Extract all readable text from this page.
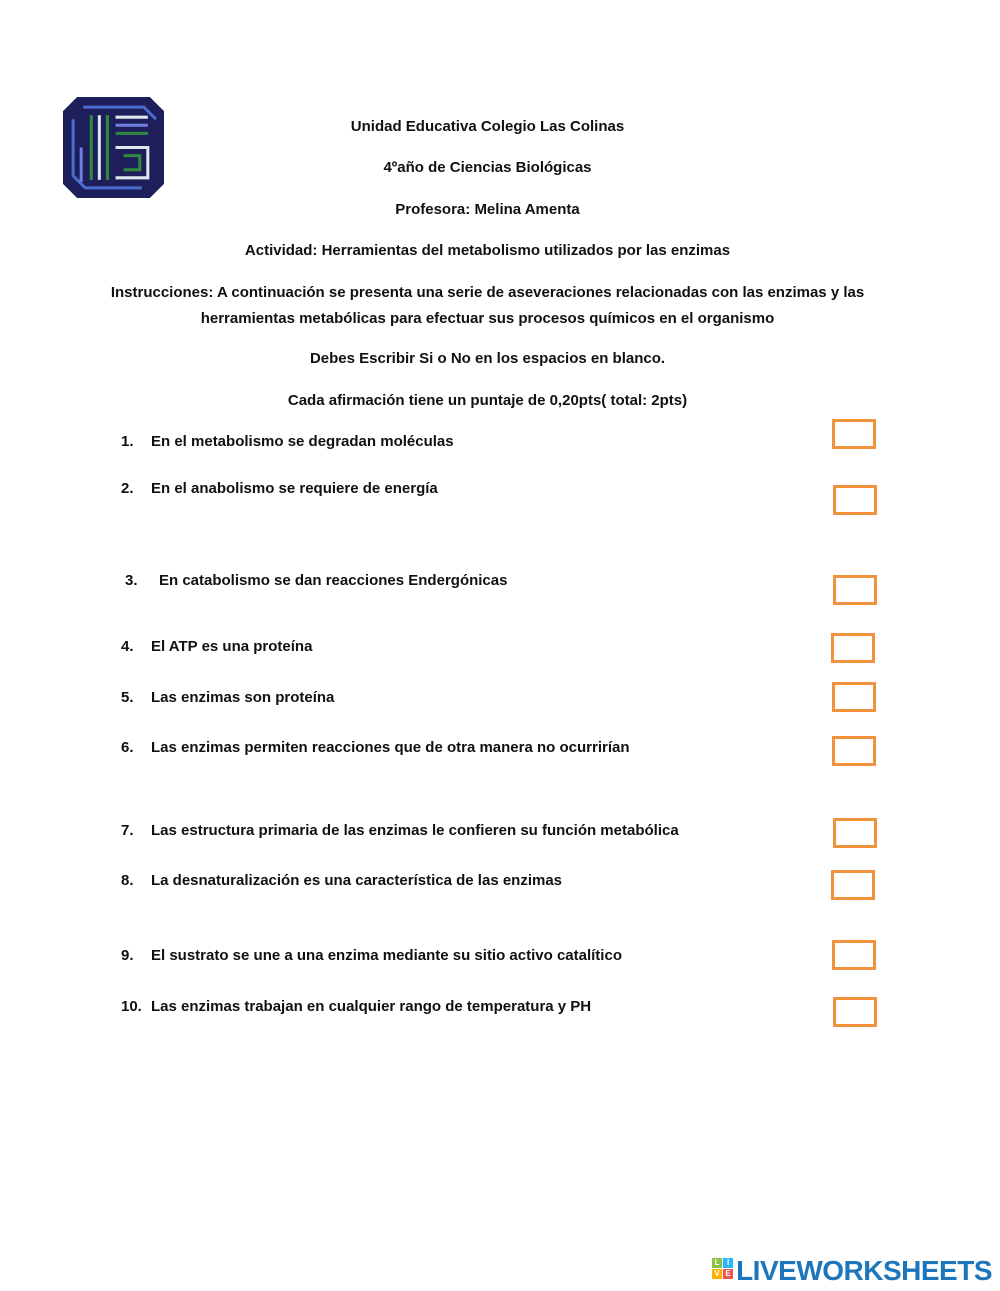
Unidad Educativa Colegio Las Colinas
4ºaño de Ciencias Biológicas
Profesora: Melina Amenta
Actividad: Herramientas del metabolismo utilizados por las enzimas
Instrucciones: A continuación se presenta una serie de aseveraciones relacionadas con las enzimas y las herramientas metabólicas para efectuar sus procesos químicos en el organismo
Debes Escribir Si o No en los espacios en blanco.
Cada afirmación tiene un puntaje de 0,20pts( total: 2pts)
1. En el metabolismo se degradan moléculas
2. En el anabolismo se requiere de energía
3. En catabolismo se dan reacciones Endergónicas
4. El ATP es una proteína
5. Las enzimas son proteína
6. Las enzimas permiten reacciones que de otra manera no ocurrirían
7. Las estructura primaria de las enzimas le confieren su función metabólica
8. La desnaturalización es una característica de las enzimas
9. El sustrato se une a una enzima mediante su sitio activo catalítico
10. Las enzimas trabajan en cualquier rango de temperatura y PH
L I
V E LIVEWORKSHEETS
